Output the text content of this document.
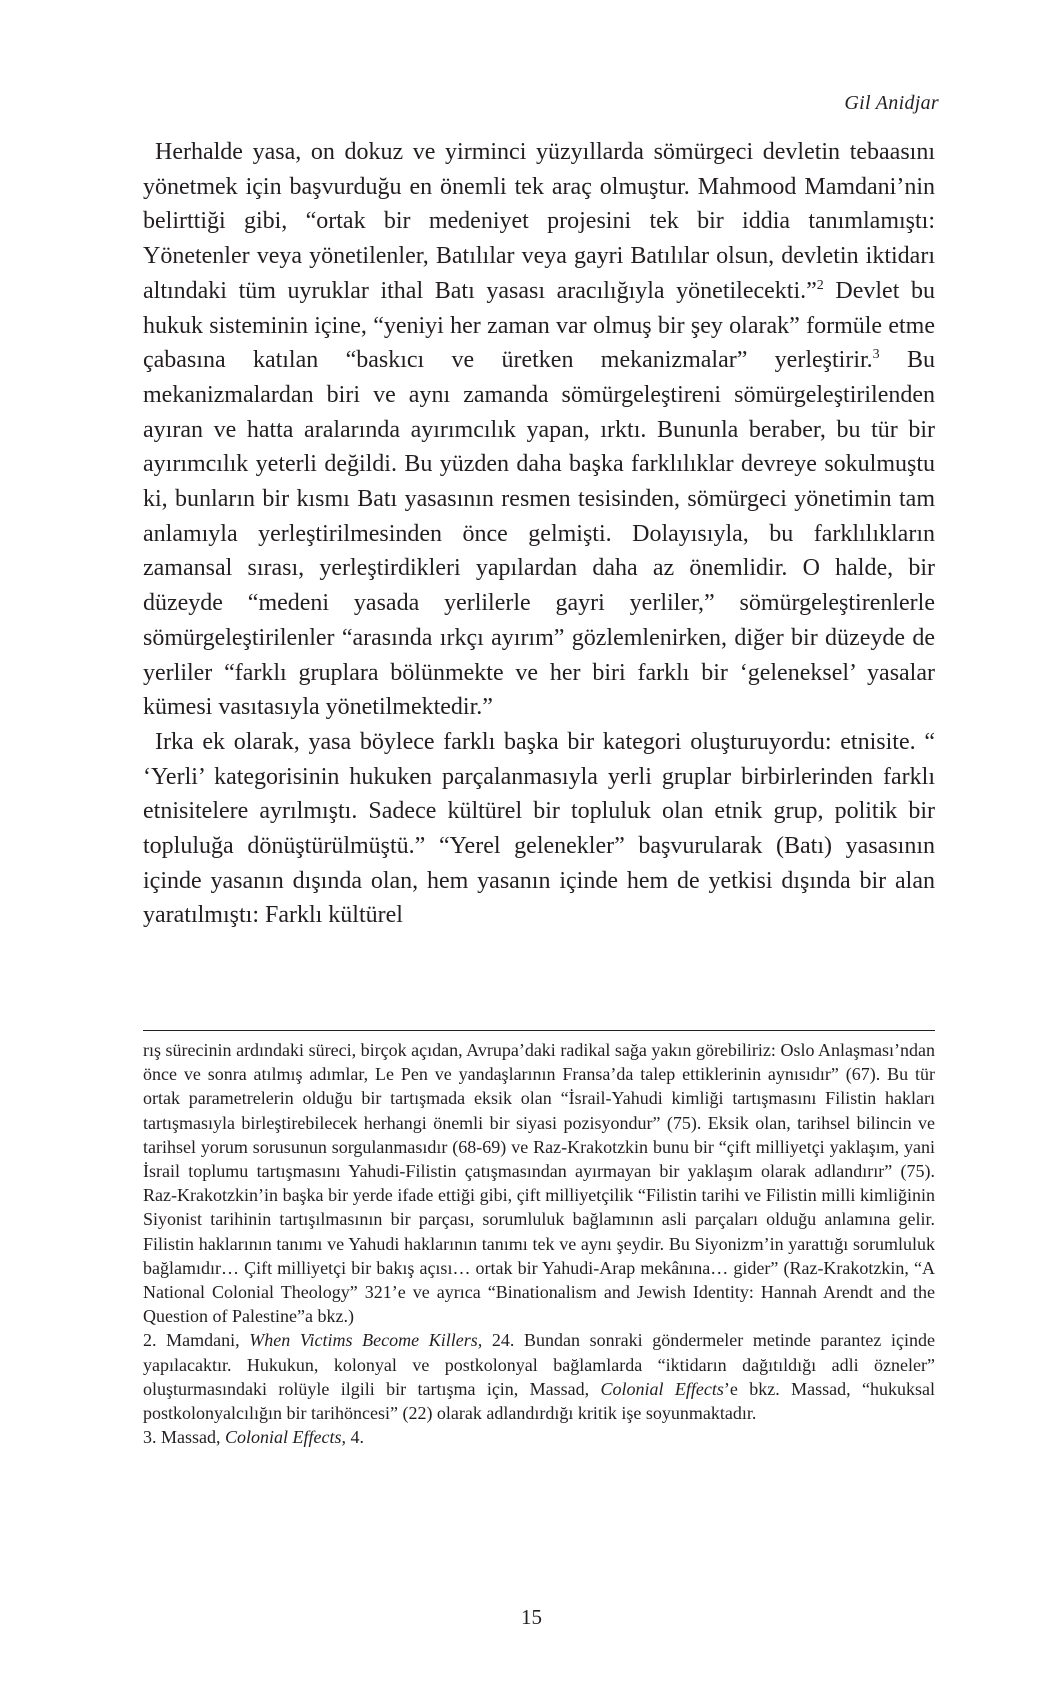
Gil Anidjar

Herhalde yasa, on dokuz ve yirminci yüzyıllarda sömürgeci devletin tebaasını yönetmek için başvurduğu en önemli tek araç olmuştur. Mahmood Mamdani’nin belirttiği gibi, “ortak bir medeniyet projesini tek bir iddia tanımlamıştı: Yönetenler veya yönetilenler, Batılılar veya gayri Batılılar olsun, devletin iktidarı altındaki tüm uyruklar ithal Batı yasası aracılığıyla yönetilecekti.”$^2$ Devlet bu hukuk sisteminin içine, “yeniyi her zaman var olmuş bir şey olarak” formüle etme çabasına katılan “baskıcı ve üretken mekanizmalar” yerleştirir.$^3$ Bu mekanizmalardan biri ve aynı zamanda sömürgeleştireni sömürgeleştirilenden ayıran ve hatta aralarında ayırımcılık yapan, ırktı. Bununla beraber, bu tür bir ayırımcılık yeterli değildi. Bu yüzden daha başka farklılıklar devreye sokulmuştu ki, bunların bir kısmı Batı yasasının resmen tesisinden, sömürgeci yönetimin tam anlamıyla yerleştirilmesinden önce gelmişti. Dolayısıyla, bu farklılıkların zamansal sırası, yerleştirdikleri yapılardan daha az önemlidir. O halde, bir düzeyde “medeni yasada yerlilerle gayri yerliler,” sömürgeleştirenlerle sömürgeleştirilenler “arasında ırkçı ayırım” gözlemlenirken, diğer bir düzeyde de yerliler “farklı gruplara bölünmekte ve her biri farklı bir ‘geleneksel’ yasalar kümesi vasıtasıyla yönetilmektedir.”

Irka ek olarak, yasa böylece farklı başka bir kategori oluşturuyordu: etnisite. “ ‘Yerli’ kategorisinin hukuken parçalanmasıyla yerli gruplar birbirlerinden farklı etnisitelere ayrılmıştı. Sadece kültürel bir topluluk olan etnik grup, politik bir topluluğa dönüştürülmüştü.” “Yerel gelenekler” başvurularak (Batı) yasasının içinde yasanın dışında olan, hem yasanın içinde hem de yetkisi dışında bir alan yaratılmıştı: Farklı kültürel

rış sürecinin ardındaki süreci, birçok açıdan, Avrupa’daki radikal sağa yakın görebiliriz: Oslo Anlaşması’ndan önce ve sonra atılmış adımlar, Le Pen ve yandaşlarının Fransa’da talep ettiklerinin aynısıdır” (67). Bu tür ortak parametrelerin olduğu bir tartışmada eksik olan “İsrail-Yahudi kimliği tartışmasını Filistin hakları tartışmasıyla birleştirebilecek herhangi önemli bir siyasi pozisyondur” (75). Eksik olan, tarihsel bilincin ve tarihsel yorum sorusunun sorgulanmasıdır (68-69) ve Raz-Krakotzkin bunu bir “çift milliyetçi yaklaşım, yani İsrail toplumu tartışmasını Yahudi-Filistin çatışmasından ayırmayan bir yaklaşım olarak adlandırır” (75). Raz-Krakotzkin’in başka bir yerde ifade ettiği gibi, çift milliyetçilik “Filistin tarihi ve Filistin milli kimliğinin Siyonist tarihinin tartışılmasının bir parçası, sorumluluk bağlamının asli parçaları olduğu anlamına gelir. Filistin haklarının tanımı ve Yahudi haklarının tanımı tek ve aynı şeydir. Bu Siyonizm’in yarattığı sorumluluk bağlamıdır… Çift milliyetçi bir bakış açısı… ortak bir Yahudi-Arap mekânına… gider” (Raz-Krakotzkin, “A National Colonial Theology” 321’e ve ayrıca “Binationalism and Jewish Identity: Hannah Arendt and the Question of Palestine”a bkz.)

2. Mamdani, When Victims Become Killers, 24. Bundan sonraki göndermeler metinde parantez içinde yapılacaktır. Hukukun, kolonyal ve postkolonyal bağlamlarda “iktidarın dağıtıldığı adli özneler” oluşturmasındaki rolüyle ilgili bir tartışma için, Massad, Colonial Effects’e bkz. Massad, “hukuksal postkolonyalcılığın bir tarihöncesi” (22) olarak adlandırdığı kritik işe soyunmaktadır.

3. Massad, Colonial Effects, 4.

15
